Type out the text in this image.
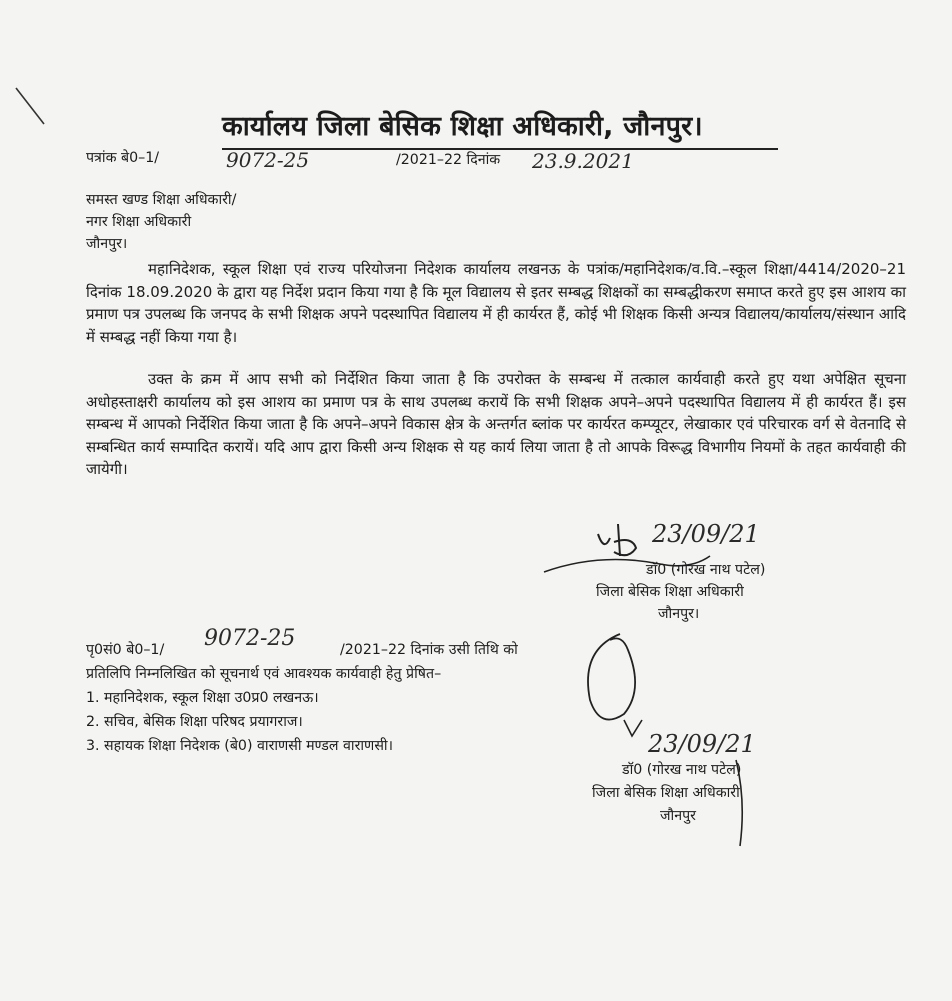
कार्यालय जिला बेसिक शिक्षा अधिकारी, जौनपुर।
पत्रांक बे0–1/	9072-25	/2021–22 दिनांक 23.9.2021
समस्त खण्ड शिक्षा अधिकारी/
नगर शिक्षा अधिकारी
जौनपुर।
महानिदेशक, स्कूल शिक्षा एवं राज्य परियोजना निदेशक कार्यालय लखनऊ के पत्रांक/महानिदेशक/व.वि.–स्कूल शिक्षा/4414/2020–21 दिनांक 18.09.2020 के द्वारा यह निर्देश प्रदान किया गया है कि मूल विद्यालय से इतर सम्बद्ध शिक्षकों का सम्बद्धीकरण समाप्त करते हुए इस आशय का प्रमाण पत्र उपलब्ध कि जनपद के सभी शिक्षक अपने पदस्थापित विद्यालय में ही कार्यरत हैं, कोई भी शिक्षक किसी अन्यत्र विद्यालय/कार्यालय/संस्थान आदि में सम्बद्ध नहीं किया गया है।
उक्त के क्रम में आप सभी को निर्देशित किया जाता है कि उपरोक्त के सम्बन्ध में तत्काल कार्यवाही करते हुए यथा अपेक्षित सूचना अधोहस्ताक्षरी कार्यालय को इस आशय का प्रमाण पत्र के साथ उपलब्ध करायें कि सभी शिक्षक अपने–अपने पदस्थापित विद्यालय में ही कार्यरत हैं। इस सम्बन्ध में आपको निर्देशित किया जाता है कि अपने–अपने विकास क्षेत्र के अन्तर्गत ब्लांक पर कार्यरत कम्प्यूटर, लेखाकार एवं परिचारक वर्ग से वेतनादि से सम्बन्धित कार्य सम्पादित करायें। यदि आप द्वारा किसी अन्य शिक्षक से यह कार्य लिया जाता है तो आपके विरूद्ध विभागीय नियमों के तहत कार्यवाही की जायेगी।
23/09/21
डॉ0 (गोरख नाथ पटेल)
जिला बेसिक शिक्षा अधिकारी
जौनपुर।
पृ0सं0 बे0–1/ 9072-25	/2021–22 दिनांक उसी तिथि को
प्रतिलिपि निम्नलिखित को सूचनार्थ एवं आवश्यक कार्यवाही हेतु प्रेषित–
1. महानिदेशक, स्कूल शिक्षा उ0प्र0 लखनऊ।
2. सचिव, बेसिक शिक्षा परिषद प्रयागराज।
3. सहायक शिक्षा निदेशक (बे0) वाराणसी मण्डल वाराणसी।	23/09/21
डॉ0 (गोरख नाथ पटेल)
जिला बेसिक शिक्षा अधिकारी
जौनपुर
